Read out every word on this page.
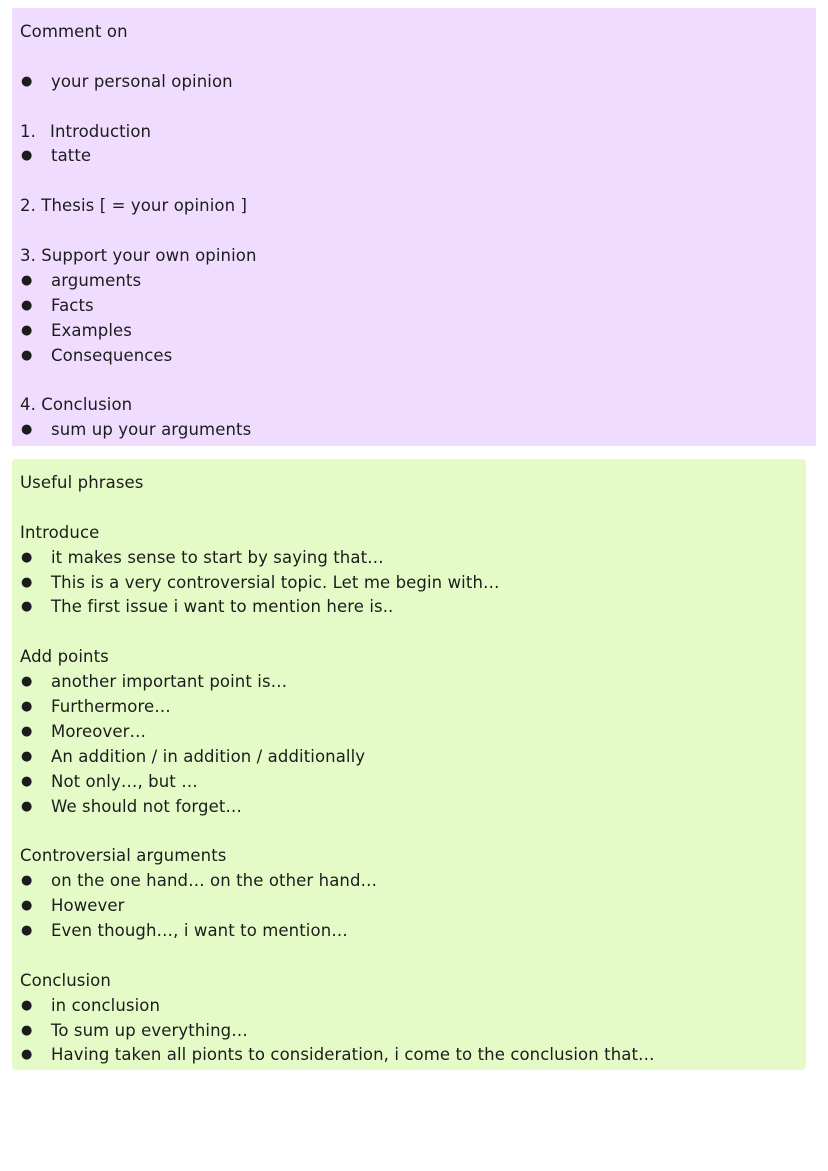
Comment on
●	your personal opinion
1. Introduction
●	tatte
2. Thesis [ = your opinion ]
3. Support your own opinion
●	arguments
●	Facts
●	Examples
●	Consequences
4. Conclusion
●	sum up your arguments
Useful phrases
Introduce
●	it makes sense to start by saying that…
●	This is a very controversial topic. Let me begin with…
●	The first issue i want to mention here is..
Add points
●	another important point is…
●	Furthermore…
●	Moreover…
●	An addition / in addition / additionally
●	Not only…, but …
●	We should not forget…
Controversial arguments
●	on the one hand… on the other hand…
●	However
●	Even though…, i want to mention…
Conclusion
●	in conclusion
●	To sum up everything…
●	Having taken all pionts to consideration, i come to the conclusion that…
